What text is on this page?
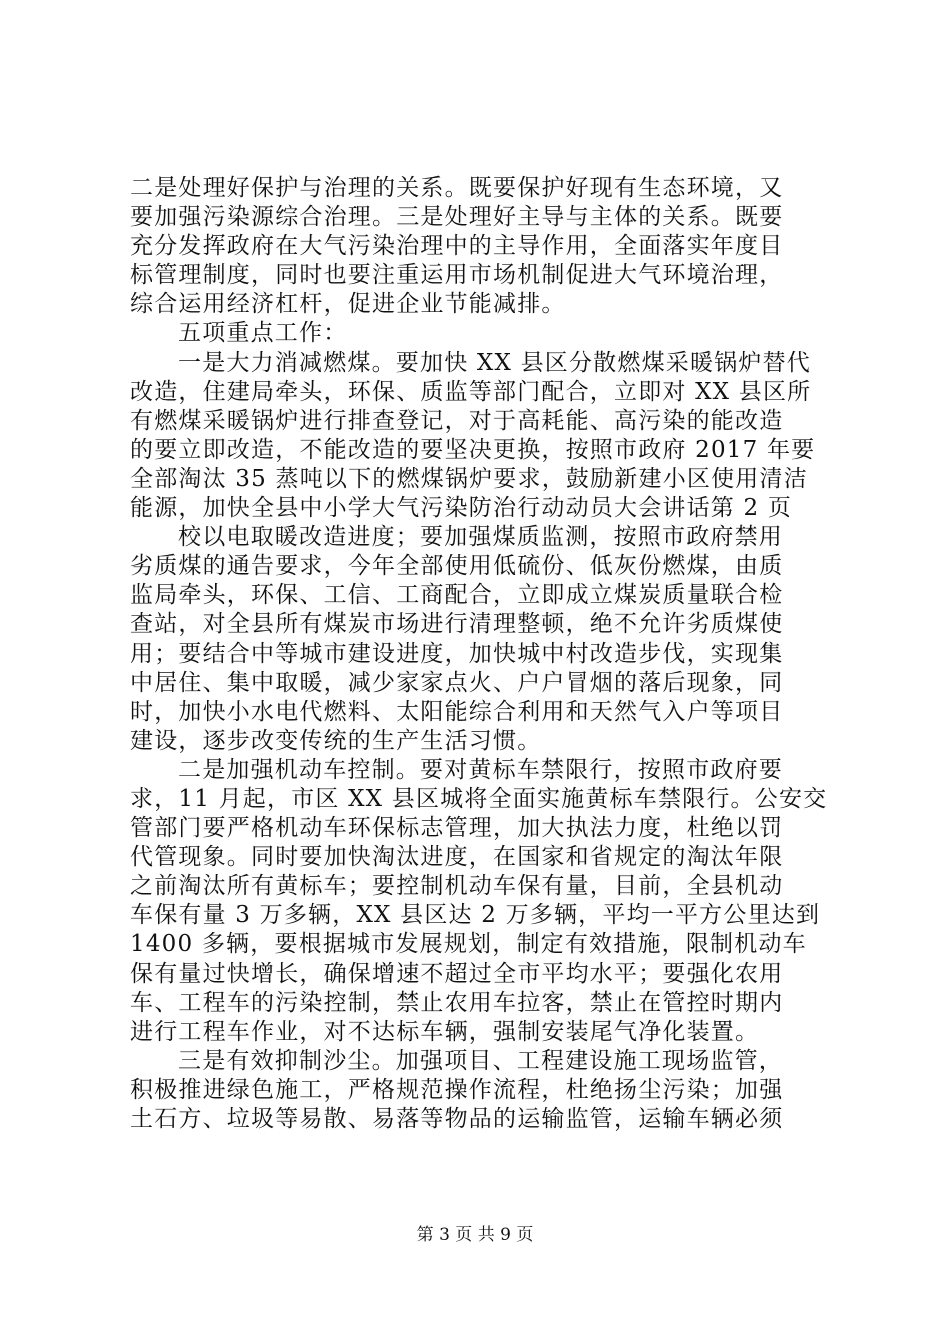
二是处理好保护与治理的关系。既要保护好现有生态环境，又
要加强污染源综合治理。三是处理好主导与主体的关系。既要
充分发挥政府在大气污染治理中的主导作用，全面落实年度目
标管理制度，同时也要注重运用市场机制促进大气环境治理，
综合运用经济杠杆，促进企业节能减排。
五项重点工作：
一是大力消减燃煤。要加快 XX 县区分散燃煤采暖锅炉替代
改造，住建局牵头，环保、质监等部门配合，立即对 XX 县区所
有燃煤采暖锅炉进行排查登记，对于高耗能、高污染的能改造
的要立即改造，不能改造的要坚决更换，按照市政府 2017 年要
全部淘汰 35 蒸吨以下的燃煤锅炉要求，鼓励新建小区使用清洁
能源，加快全县中小学大气污染防治行动动员大会讲话第 2 页
校以电取暖改造进度；要加强煤质监测，按照市政府禁用
劣质煤的通告要求，今年全部使用低硫份、低灰份燃煤，由质
监局牵头，环保、工信、工商配合，立即成立煤炭质量联合检
查站，对全县所有煤炭市场进行清理整顿，绝不允许劣质煤使
用；要结合中等城市建设进度，加快城中村改造步伐，实现集
中居住、集中取暖，减少家家点火、户户冒烟的落后现象，同
时，加快小水电代燃料、太阳能综合利用和天然气入户等项目
建设，逐步改变传统的生产生活习惯。
二是加强机动车控制。要对黄标车禁限行，按照市政府要
求，11 月起，市区 XX 县区城将全面实施黄标车禁限行。公安交
管部门要严格机动车环保标志管理，加大执法力度，杜绝以罚
代管现象。同时要加快淘汰进度，在国家和省规定的淘汰年限
之前淘汰所有黄标车；要控制机动车保有量，目前，全县机动
车保有量 3 万多辆，XX 县区达 2 万多辆，平均一平方公里达到
1400 多辆，要根据城市发展规划，制定有效措施，限制机动车
保有量过快增长，确保增速不超过全市平均水平；要强化农用
车、工程车的污染控制，禁止农用车拉客，禁止在管控时期内
进行工程车作业，对不达标车辆，强制安装尾气净化装置。
三是有效抑制沙尘。加强项目、工程建设施工现场监管，
积极推进绿色施工，严格规范操作流程，杜绝扬尘污染；加强
土石方、垃圾等易散、易落等物品的运输监管，运输车辆必须
第 3 页 共 9 页
